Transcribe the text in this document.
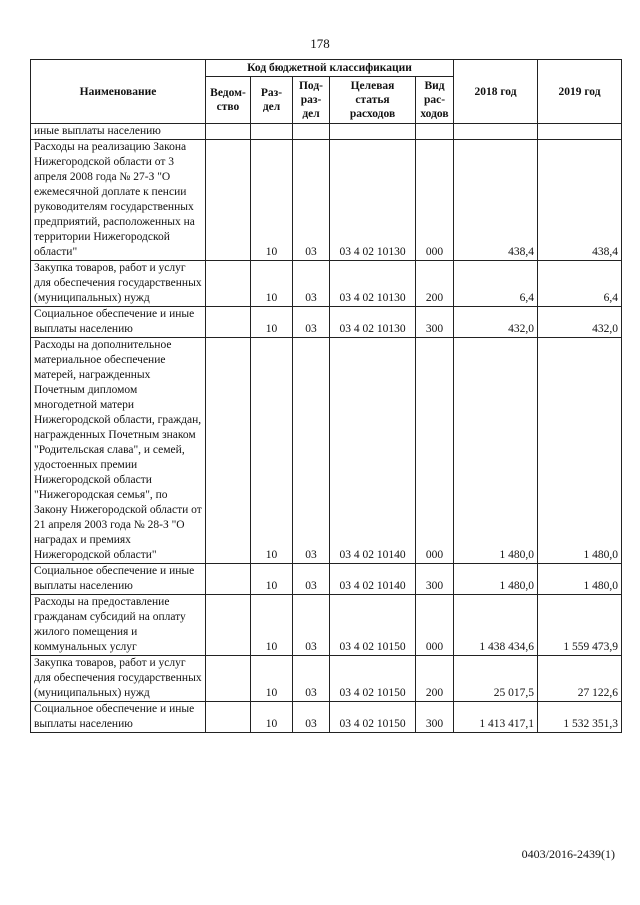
178
Наименование	Код бюджетной классификации					2018 год	2019 год
	Ведом-ство	Раз-дел	Под-раз-дел	Целевая статья расходов	Вид рас-ходов		
иные выплаты населению							
Расходы на реализацию Закона Нижегородской области от 3 апреля 2008 года № 27-З "О ежемесячной доплате к пенсии руководителям государственных предприятий, расположенных на территории Нижегородской области"		10	03	03 4 02 10130	000	438,4	438,4
Закупка товаров, работ и услуг для обеспечения государственных (муниципальных) нужд		10	03	03 4 02 10130	200	6,4	6,4
Социальное обеспечение и иные выплаты населению		10	03	03 4 02 10130	300	432,0	432,0
Расходы на дополнительное материальное обеспечение матерей, награжденных Почетным дипломом многодетной матери Нижегородской области, граждан, награжденных Почетным знаком "Родительская слава", и семей, удостоенных премии Нижегородской области "Нижегородская семья", по Закону Нижегородской области от 21 апреля 2003 года № 28-З "О наградах и премиях Нижегородской области"		10	03	03 4 02 10140	000	1 480,0	1 480,0
Социальное обеспечение и иные выплаты населению		10	03	03 4 02 10140	300	1 480,0	1 480,0
Расходы на предоставление гражданам субсидий на оплату жилого помещения и коммунальных услуг		10	03	03 4 02 10150	000	1 438 434,6	1 559 473,9
Закупка товаров, работ и услуг для обеспечения государственных (муниципальных) нужд		10	03	03 4 02 10150	200	25 017,5	27 122,6
Социальное обеспечение и иные выплаты населению		10	03	03 4 02 10150	300	1 413 417,1	1 532 351,3
0403/2016-2439(1)
